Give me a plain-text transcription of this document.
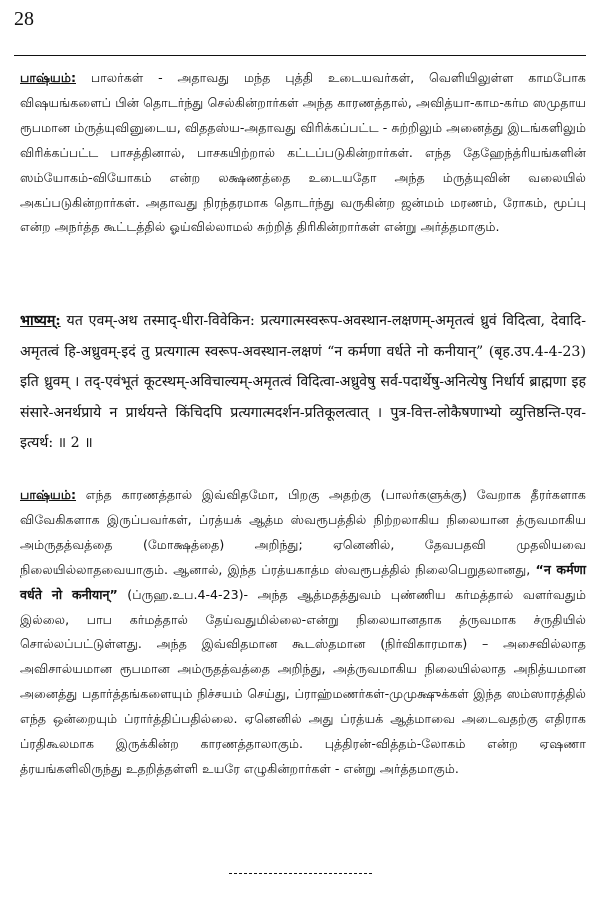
28

பாஷ்யம்: பாலர்கள் - அதாவது மந்த புத்தி உடையவர்கள், வெளியிலுள்ள காமபோக விஷயங்களைப் பின் தொடர்ந்து செல்கின்றார்கள் அந்த காரணத்தால், அவித்யா-காம-கர்ம ஸமுதாய ரூபமான ம்ருத்யுவினுடைய, விததஸ்ய-அதாவது விரிக்கப்பட்ட - சுற்றிலும் அனைத்து இடங்களிலும் விரிக்கப்பட்ட பாசத்தினால், பாசகயிற்றால் கட்டப்படுகின்றார்கள். எந்த தேஹேந்த்ரியங்களின் ஸம்யோகம்-வியோகம் என்ற லக்ஷணத்தை உடையதோ அந்த ம்ருத்யுவின் வலையில் அகப்படுகின்றார்கள். அதாவது நிரந்தரமாக தொடர்ந்து வருகின்ற ஜன்மம் மரணம், ரோகம், மூப்பு என்ற அநர்த்த கூட்டத்தில் ஓய்வில்லாமல் சுற்றித் திரிகின்றார்கள் என்று அர்த்தமாகும்.

भाष्यम्: यत एवम्-अथ तस्माद्-धीरा-विवेकिन: प्रत्यगात्मस्वरूप-अवस्थान-लक्षणम्-अमृतत्वं ध्रुवं विदित्वा, देवादि-अमृतत्वं हि-अध्रुवम्-इदं तु प्रत्यगात्म स्वरूप-अवस्थान-लक्षणं “न कर्मणा वर्धते नो कनीयान्” (बृह.उप.4-4-23) इति ध्रुवम् । तद्-एवंभूतं कूटस्थम्-अविचाल्यम्-अमृतत्वं विदित्वा-अध्रुवेषु सर्व-पदार्थेषु-अनित्येषु निर्धार्य ब्राह्मणा इह संसारे-अनर्थप्राये न प्रार्थयन्ते किंचिदपि प्रत्यगात्मदर्शन-प्रतिकूलत्वात् । पुत्र-वित्त-लोकैषणाभ्यो व्युत्तिष्ठन्ति-एव-इत्यर्थ: ॥ 2 ॥

பாஷ்யம்: எந்த காரணத்தால் இவ்விதமோ, பிறகு அதற்கு (பாலர்களுக்கு) வேறாக தீரர்களாக விவேகிகளாக இருப்பவர்கள், ப்ரத்யக் ஆத்ம ஸ்வரூபத்தில் நிற்றலாகிய நிலையான த்ருவமாகிய அம்ருதத்வத்தை (மோக்ஷத்தை) அறிந்து; ஏனெனில், தேவபதவி முதலியவை நிலையில்லாதவையாகும். ஆனால், இந்த ப்ரத்யகாத்ம ஸ்வரூபத்தில் நிலைபெறுதலானது, “न कर्मणा वर्धते नो कनीयान्” (ப்ருஹ.உப.4-4-23)- அந்த ஆத்மதத்துவம் புண்ணிய கர்மத்தால் வளர்வதும் இல்லை, பாப கர்மத்தால் தேய்வதுமில்லை-என்று நிலையானதாக த்ருவமாக ச்ருதியில் சொல்லப்பட்டுள்ளது. அந்த இவ்விதமான கூடஸ்தமான (நிர்விகாரமாக) – அசைவில்லாத அவிசால்யமான ரூபமான அம்ருதத்வத்தை அறிந்து, அத்ருவமாகிய நிலையில்லாத அநித்யமான அனைத்து பதார்த்தங்களையும் நிச்சயம் செய்து, ப்ராஹ்மணர்கள்-முமுக்ஷுக்கள் இந்த ஸம்ஸாரத்தில் எந்த ஒன்றையும் ப்ரார்த்திப்பதில்லை. ஏனெனில் அது ப்ரத்யக் ஆத்மாவை அடைவதற்கு எதிராக ப்ரதிகூலமாக இருக்கின்ற காரணத்தாலாகும். புத்திரன்-வித்தம்-லோகம் என்ற ஏஷணா த்ரயங்களிலிருந்து உதறித்தள்ளி உயரே எழுகின்றார்கள் - என்று அர்த்தமாகும்.
